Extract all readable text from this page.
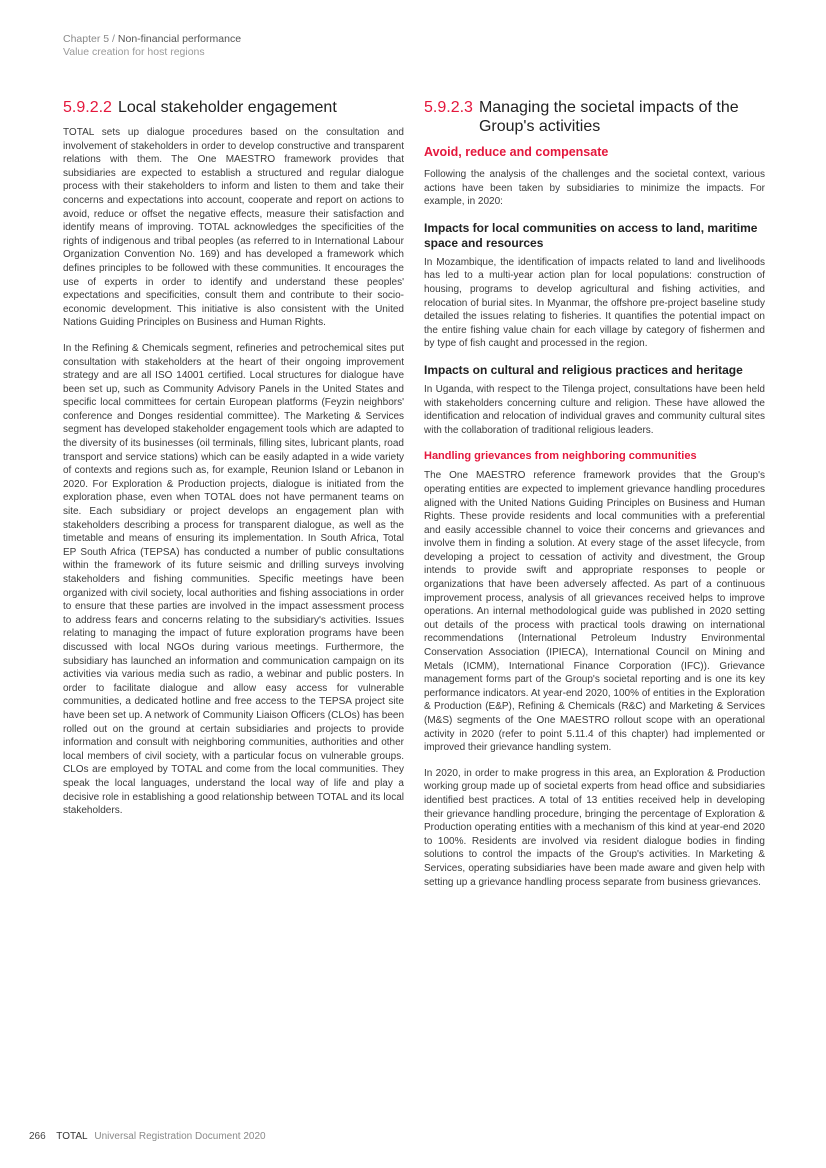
Chapter 5 / Non-financial performance
Value creation for host regions
5.9.2.2 Local stakeholder engagement

TOTAL sets up dialogue procedures based on the consultation and involvement of stakeholders in order to develop constructive and transparent relations with them. The One MAESTRO framework provides that subsidiaries are expected to establish a structured and regular dialogue process with their stakeholders to inform and listen to them and take their concerns and expectations into account, cooperate and report on actions to avoid, reduce or offset the negative effects, measure their satisfaction and identify means of improving. TOTAL acknowledges the specificities of the rights of indigenous and tribal peoples (as referred to in International Labour Organization Convention No. 169) and has developed a framework which defines principles to be followed with these communities. It encourages the use of experts in order to identify and understand these peoples' expectations and specificities, consult them and contribute to their socio-economic development. This initiative is also consistent with the United Nations Guiding Principles on Business and Human Rights.

In the Refining & Chemicals segment, refineries and petrochemical sites put consultation with stakeholders at the heart of their ongoing improvement strategy and are all ISO 14001 certified. Local structures for dialogue have been set up, such as Community Advisory Panels in the United States and specific local committees for certain European platforms (Feyzin neighbors' conference and Donges residential committee). The Marketing & Services segment has developed stakeholder engagement tools which are adapted to the diversity of its businesses (oil terminals, filling sites, lubricant plants, road transport and service stations) which can be easily adapted in a wide variety of contexts and regions such as, for example, Reunion Island or Lebanon in 2020. For Exploration & Production projects, dialogue is initiated from the exploration phase, even when TOTAL does not have permanent teams on site. Each subsidiary or project develops an engagement plan with stakeholders describing a process for transparent dialogue, as well as the timetable and means of ensuring its implementation. In South Africa, Total EP South Africa (TEPSA) has conducted a number of public consultations within the framework of its future seismic and drilling surveys involving stakeholders and fishing communities. Specific meetings have been organized with civil society, local authorities and fishing associations in order to ensure that these parties are involved in the impact assessment process to address fears and concerns relating to the subsidiary's activities. Issues relating to managing the impact of future exploration programs have been discussed with local NGOs during various meetings. Furthermore, the subsidiary has launched an information and communication campaign on its activities via various media such as radio, a webinar and public posters. In order to facilitate dialogue and allow easy access for vulnerable communities, a dedicated hotline and free access to the TEPSA project site have been set up. A network of Community Liaison Officers (CLOs) has been rolled out on the ground at certain subsidiaries and projects to provide information and consult with neighboring communities, authorities and other local members of civil society, with a particular focus on vulnerable groups. CLOs are employed by TOTAL and come from the local communities. They speak the local languages, understand the local way of life and play a decisive role in establishing a good relationship between TOTAL and its local stakeholders.

5.9.2.3 Managing the societal impacts of the Group's activities
Avoid, reduce and compensate

Following the analysis of the challenges and the societal context, various actions have been taken by subsidiaries to minimize the impacts. For example, in 2020:

Impacts for local communities on access to land, maritime space and resources

In Mozambique, the identification of impacts related to land and livelihoods has led to a multi-year action plan for local populations: construction of housing, programs to develop agricultural and fishing activities, and relocation of burial sites. In Myanmar, the offshore pre-project baseline study detailed the issues relating to fisheries. It quantifies the potential impact on the entire fishing value chain for each village by category of fishermen and by type of fish caught and processed in the region.

Impacts on cultural and religious practices and heritage

In Uganda, with respect to the Tilenga project, consultations have been held with stakeholders concerning culture and religion. These have allowed the identification and relocation of individual graves and community cultural sites with the collaboration of traditional religious leaders.

Handling grievances from neighboring communities

The One MAESTRO reference framework provides that the Group's operating entities are expected to implement grievance handling procedures aligned with the United Nations Guiding Principles on Business and Human Rights. These provide residents and local communities with a preferential and easily accessible channel to voice their concerns and grievances and involve them in finding a solution. At every stage of the asset lifecycle, from developing a project to cessation of activity and divestment, the Group intends to provide swift and appropriate responses to people or organizations that have been adversely affected. As part of a continuous improvement process, analysis of all grievances received helps to improve operations. An internal methodological guide was published in 2020 setting out details of the process with practical tools drawing on international recommendations (International Petroleum Industry Environmental Conservation Association (IPIECA), International Council on Mining and Metals (ICMM), International Finance Corporation (IFC)). Grievance management forms part of the Group's societal reporting and is one its key performance indicators. At year-end 2020, 100% of entities in the Exploration & Production (E&P), Refining & Chemicals (R&C) and Marketing & Services (M&S) segments of the One MAESTRO rollout scope with an operational activity in 2020 (refer to point 5.11.4 of this chapter) had implemented or improved their grievance handling system.

In 2020, in order to make progress in this area, an Exploration & Production working group made up of societal experts from head office and subsidiaries identified best practices. A total of 13 entities received help in developing their grievance handling procedure, bringing the percentage of Exploration & Production operating entities with a mechanism of this kind at year-end 2020 to 100%. Residents are involved via resident dialogue bodies in finding solutions to control the impacts of the Group's activities. In Marketing & Services, operating subsidiaries have been made aware and given help with setting up a grievance handling process separate from business grievances.

266 TOTAL Universal Registration Document 2020
